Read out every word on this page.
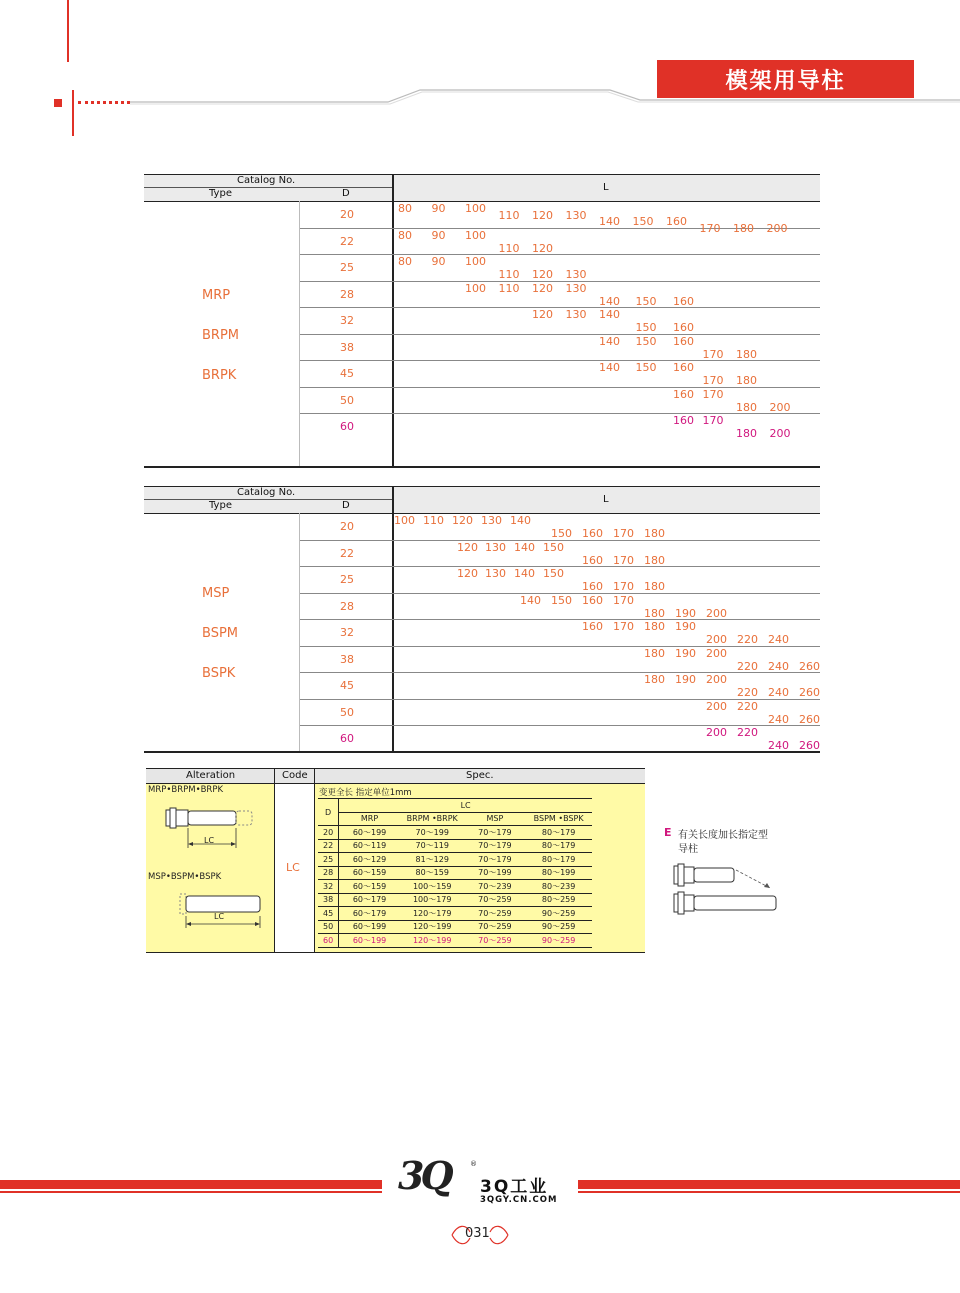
模架用导柱
Catalog No.
Type	D
L
20	80 90 100
110 120 130
140 150 160
170 180 200
22	80 90 100
110 120
25	80 90 100
110 120 130
28	100 110 120 130
140 150 160
32	120 130 140
150 160
38	140 150 160
170 180
45	140 150 160
170 180
50	160 170
180 200
60	160 170
180 200
MRP
BRPM
BRPK
Catalog No.
Type	D
L
20	100 110 120 130 140
150 160 170 180
22	120 130 140 150
160 170 180
25	120 130 140 150
160 170 180
28	140 150 160 170
180 190 200
32	160 170 180 190
200 220 240
38	180 190 200
220 240 260
45	180 190 200
220 240 260
50	200 220
240 260
60	200 220
240 260
MSP
BSPM
BSPK
Alteration	Code	Spec.
MRP•BRPM•BRPK
MSP•BSPM•BSPK
LC
LC
LC
变更全长 指定单位1mm
D	LC			
	MRP	BRPM •BRPK	MSP	BSPM •BSPK
20	60～199	70～199	70～179	80～179
22	60～119	70～119	70～179	80～179
25	60～129	81～129	70～179	80～179
28	60～159	80～159	70～199	80～199
32	60～159	100～159	70～239	80～239
38	60～179	100～179	70～259	80～259
45	60～179	120～179	70～259	90～259
50	60～199	120～199	70～259	90～259
60	60～199	120～199	70～259	90～259
E 有关长度加长指定型
导柱
3Q	®
3Q工业
3QGY.CN.COM
031
